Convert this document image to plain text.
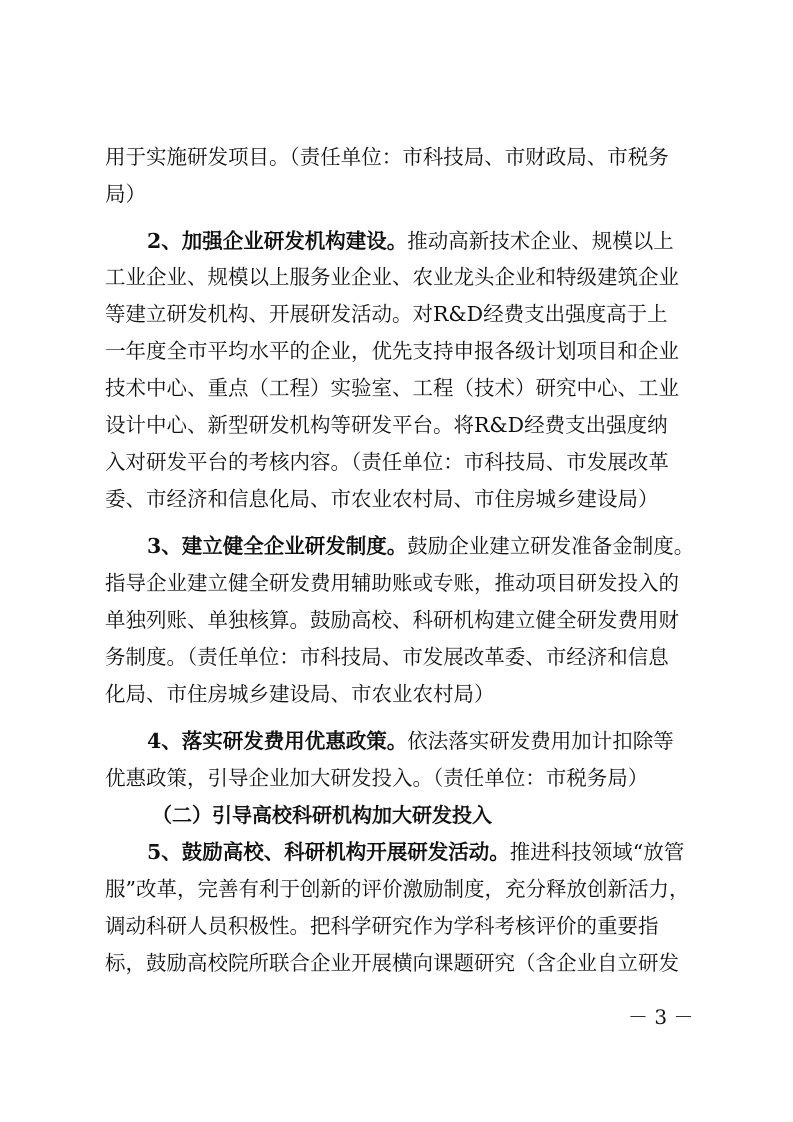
用于实施研发项目。（责任单位：市科技局、市财政局、市税务
局）
2、加强企业研发机构建设。推动高新技术企业、规模以上
工业企业、规模以上服务业企业、农业龙头企业和特级建筑企业
等建立研发机构、开展研发活动。对R&D经费支出强度高于上
一年度全市平均水平的企业，优先支持申报各级计划项目和企业
技术中心、重点（工程）实验室、工程（技术）研究中心、工业
设计中心、新型研发机构等研发平台。将R&D经费支出强度纳
入对研发平台的考核内容。（责任单位：市科技局、市发展改革
委、市经济和信息化局、市农业农村局、市住房城乡建设局）
3、建立健全企业研发制度。鼓励企业建立研发准备金制度。
指导企业建立健全研发费用辅助账或专账，推动项目研发投入的
单独列账、单独核算。鼓励高校、科研机构建立健全研发费用财
务制度。（责任单位：市科技局、市发展改革委、市经济和信息
化局、市住房城乡建设局、市农业农村局）
4、落实研发费用优惠政策。依法落实研发费用加计扣除等
优惠政策，引导企业加大研发投入。（责任单位：市税务局）
（二）引导高校科研机构加大研发投入
5、鼓励高校、科研机构开展研发活动。推进科技领域“放管
服”改革，完善有利于创新的评价激励制度，充分释放创新活力，
调动科研人员积极性。把科学研究作为学科考核评价的重要指
标，鼓励高校院所联合企业开展横向课题研究（含企业自立研发
－ 3 －
